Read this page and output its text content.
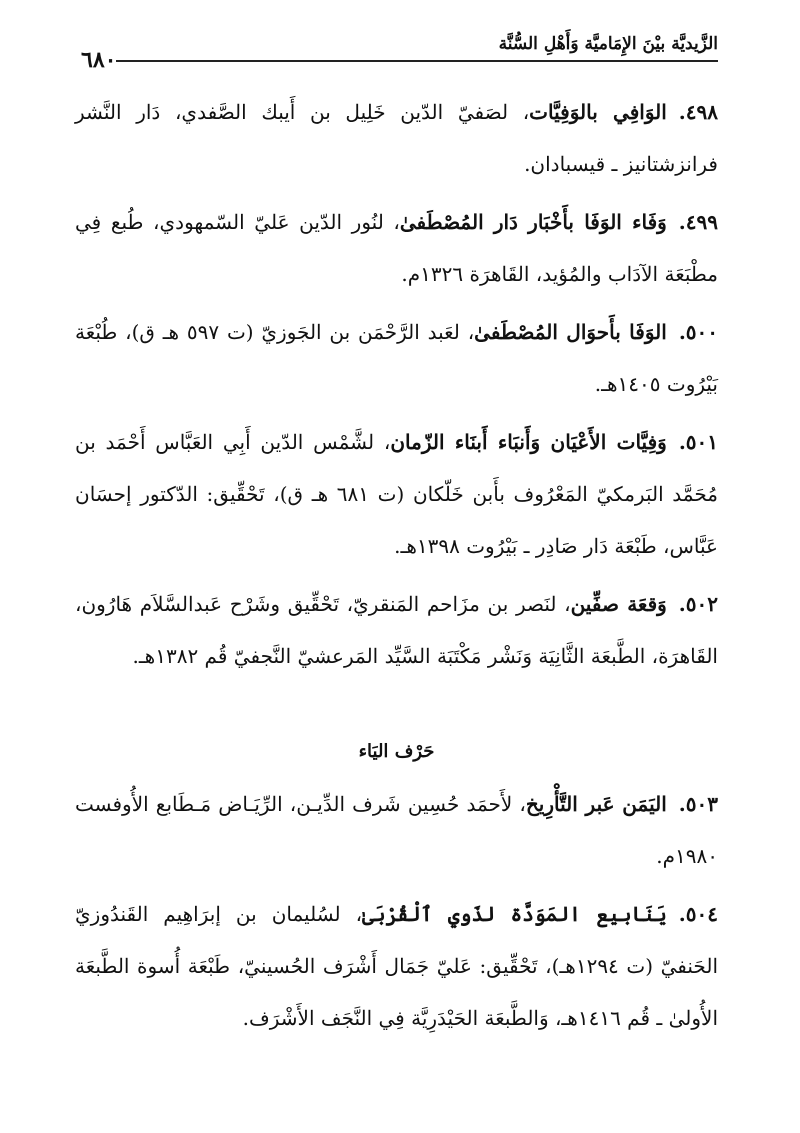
الزَّيديَّة بيْنَ الإِمَاميَّة وَأَهْلِ السُّنَّة
٦٨٠

٤٩٨.الوَافِي بالوَفِيَّات، لصَفيّ الدّين خَلِيل بن أَيبك الصَّفدي، دَار النَّشر فرانزشتانيز ـ قيسبادان.

٤٩٩.وَفَاء الوَفَا بأَخْبَار دَار المُصْطَفىٰ، لنُور الدّين عَليّ السّمهودي، طُبع فِي مطْبَعَة الآدَاب والمُؤيد، القَاهرَة ١٣٢٦م.

٥٠٠.الوَفَا بأَحوَال المُصْطَفىٰ، لعَبد الرَّحْمَن بن الجَوزيّ (ت ٥٩٧ هـ ق)، طُبْعَة بَيْرُوت ١٤٠٥هـ.

٥٠١.وَفِيَّات الأَعْيَان وَأَنبَاء أَبنَاء الزّمان، لشَّمْس الدّين أَبِي العَبَّاس أَحْمَد بن مُحَمَّد البَرمكيّ المَعْرُوف بأَبن خَلّكان (ت ٦٨١ هـ ق)، تَحْقِّيق: الدّكتور إحسَان عَبَّاس، طَبْعَة دَار صَادِر ـ بَيْرُوت ١٣٩٨هـ.

٥٠٢.وَقعَة صفِّين، لنَصر بن مزَاحم المَنقريّ، تَحْقِّيق وشَرْح عَبدالسَّلاَم هَارُون، القَاهرَة، الطَّبعَة الثَّانِيَة وَنَشْر مَكْتَبَة السَّيِّد المَرعشيّ النَّجفيّ قُم ١٣٨٢هـ.

حَرْف اليَاء

٥٠٣.اليَمَن عَبر التَّأْرِيخ، لأَحمَد حُسِين شَرف الدِّيـن، الرِّيَـاض مَـطَابع الأُوفست ١٩٨٠م.

٥٠٤.يَنَابيع المَوَدَّة لذَوي ٱلْقُرْبَىٰ، لسُليمان بن إبرَاهِيم القَندُوزيّ الحَنفيّ (ت ١٢٩٤هـ)، تَحْقِّيق: عَليّ جَمَال أَشْرَف الحُسينيّ، طَبْعَة أُسوة الطَّبعَة الأُولىٰ ـ قُم ١٤١٦هـ، وَالطَّبعَة الحَيْدَرِيَّة فِي النَّجَف الأَشْرَف.
